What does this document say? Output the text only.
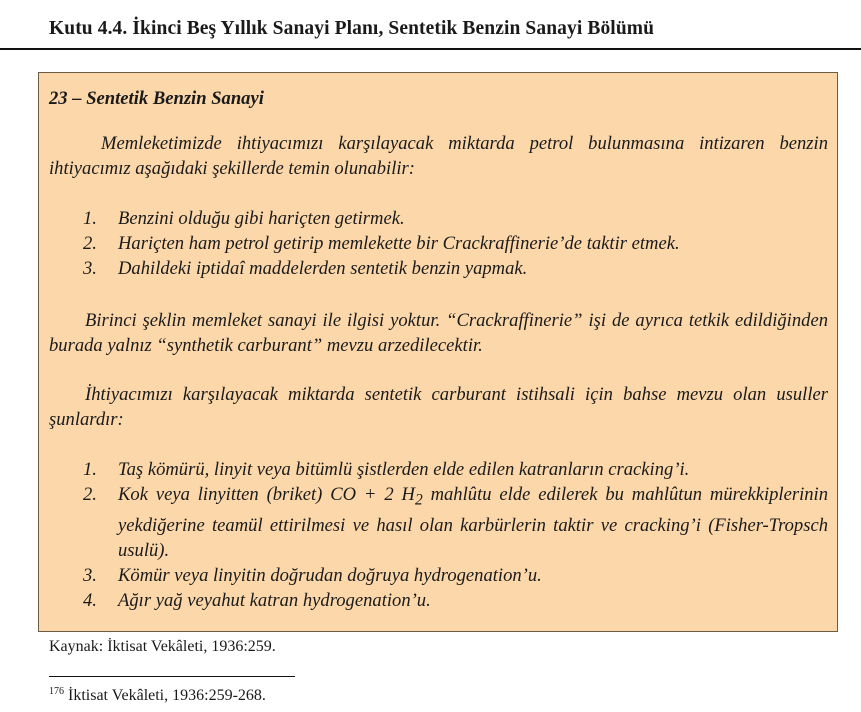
Kutu 4.4. İkinci Beş Yıllık Sanayi Planı, Sentetik Benzin Sanayi Bölümü
23 – Sentetik Benzin Sanayi
Memleketimizde ihtiyacımızı karşılayacak miktarda petrol bulunmasına intizaren benzin ihtiyacımız aşağıdaki şekillerde temin olunabilir:
1. Benzini olduğu gibi hariçten getirmek.
2. Hariçten ham petrol getirip memlekette bir Crackraffinerie’de taktir etmek.
3. Dahildeki iptidaî maddelerden sentetik benzin yapmak.
Birinci şeklin memleket sanayi ile ilgisi yoktur. “Crackraffinerie” işi de ayrıca tetkik edildiğinden burada yalnız “synthetik carburant” mevzu arzedilecektir.
İhtiyacımızı karşılayacak miktarda sentetik carburant istihsali için bahse mevzu olan usuller şunlardır:
1. Taş kömürü, linyit veya bitümlü şistlerden elde edilen katranların cracking’i.
2. Kok veya linyitten (briket) CO + 2 $H_2$ mahlûtu elde edilerek bu mahlûtun mürekkiplerinin yekdiğerine teamül ettirilmesi ve hasıl olan karbürlerin taktir ve cracking’i (Fisher-Tropsch usulü).
3. Kömür veya linyitin doğrudan doğruya hydrogenation’u.
4. Ağır yağ veyahut katran hydrogenation’u.
Kaynak: İktisat Vekâleti, 1936:259.
$^{176}$ İktisat Vekâleti, 1936:259-268.
